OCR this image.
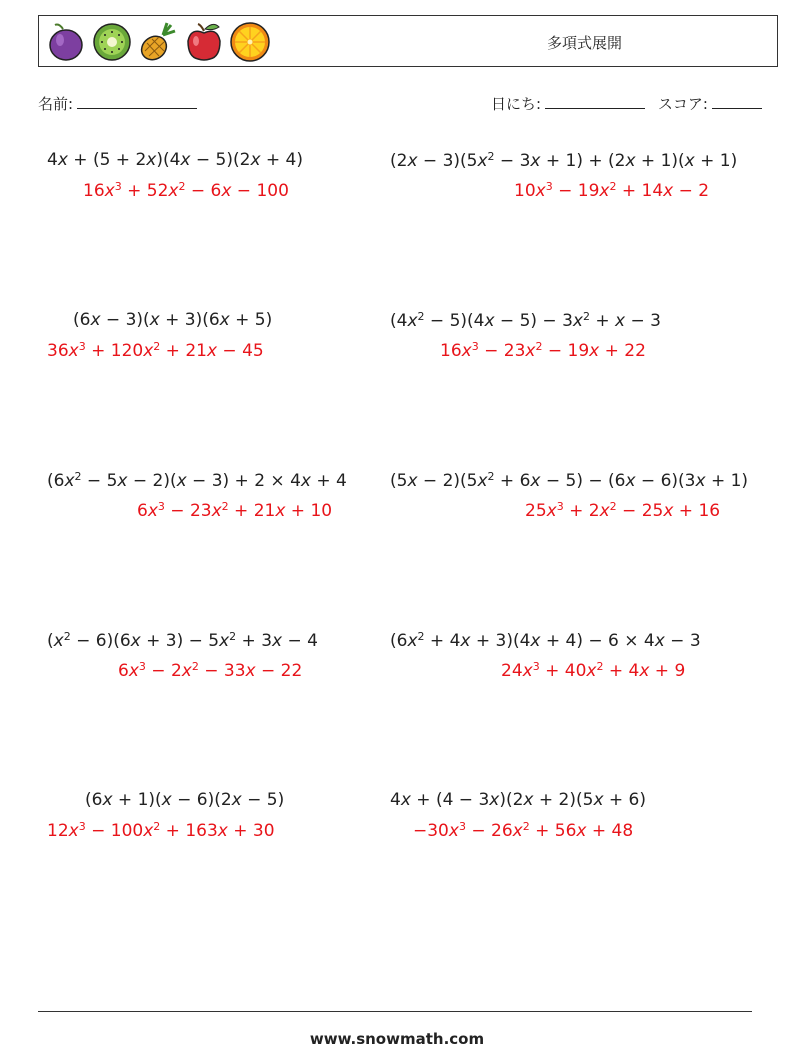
多項式展開
名前:	日にち:	スコア:
4x + (5 + 2x)(4x − 5)(2x + 4)
$16x^3 + 52x^2 - 6x - 100$
(6x − 3)(x + 3)(6x + 5)
$36x^3 + 120x^2 + 21x - 45$
$(6x^2 - 5x - 2)(x - 3) + 2 \times 4x + 4$
$6x^3 - 23x^2 + 21x + 10$
$(x^2 - 6)(6x + 3) - 5x^2 + 3x - 4$
$6x^3 - 2x^2 - 33x - 22$
(6x + 1)(x − 6)(2x − 5)
$12x^3 - 100x^2 + 163x + 30$
$(2x - 3)(5x^2 - 3x + 1) + (2x + 1)(x + 1)$
$10x^3 - 19x^2 + 14x - 2$
$(4x^2 - 5)(4x - 5) - 3x^2 + x - 3$
$16x^3 - 23x^2 - 19x + 22$
$(5x - 2)(5x^2 + 6x - 5) - (6x - 6)(3x + 1)$
$25x^3 + 2x^2 - 25x + 16$
$(6x^2 + 4x + 3)(4x + 4) - 6 \times 4x - 3$
$24x^3 + 40x^2 + 4x + 9$
4x + (4 − 3x)(2x + 2)(5x + 6)
$-30x^3 - 26x^2 + 56x + 48$
www.snowmath.com
